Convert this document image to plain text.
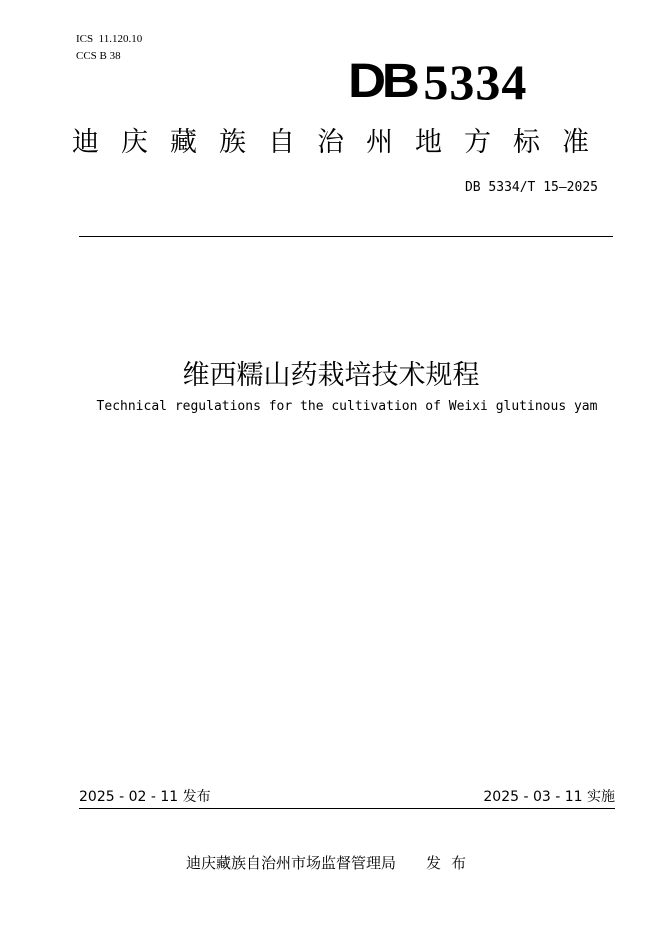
ICS  11.120.10
CCS B 38	DB 5334
迪庆藏族自治州地方标准
DB 5334/T 15—2025
维西糯山药栽培技术规程
Technical regulations for the cultivation of Weixi glutinous yam
2025 - 02 - 11 发布	2025 - 03 - 11 实施
迪庆藏族自治州市场监督管理局 发布
